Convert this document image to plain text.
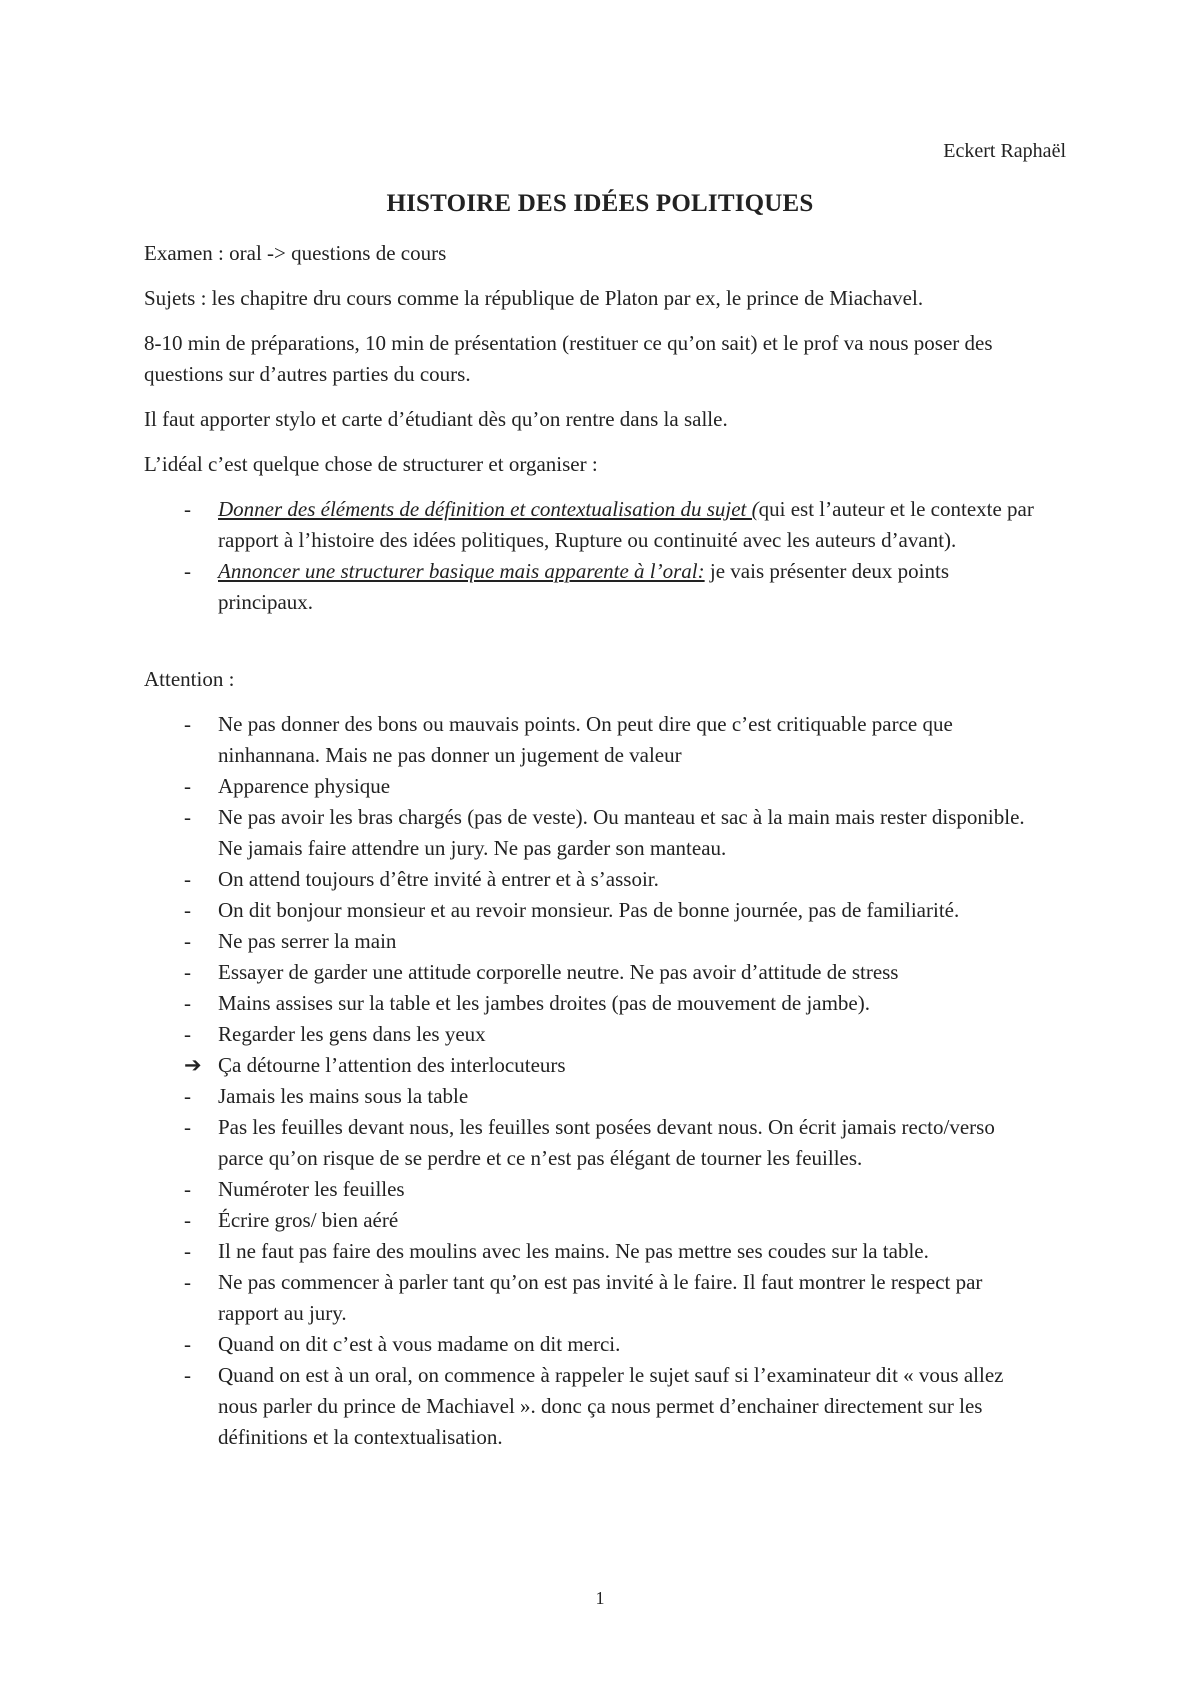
Eckert Raphaël
HISTOIRE DES IDÉES POLITIQUES

Examen : oral -> questions de cours

Sujets : les chapitre dru cours comme la république de Platon par ex, le prince de Miachavel.

8-10 min de préparations, 10 min de présentation (restituer ce qu’on sait) et le prof va nous poser des questions sur d’autres parties du cours.

Il faut apporter stylo et carte d’étudiant dès qu’on rentre dans la salle.

L’idéal c’est quelque chose de structurer et organiser :

-	Donner des éléments de définition et contextualisation du sujet (qui est l’auteur et le contexte par rapport à l’histoire des idées politiques, Rupture ou continuité avec les auteurs d’avant).
-	Annoncer une structurer basique mais apparente à l’oral: je vais présenter deux points principaux.

Attention :

-	Ne pas donner des bons ou mauvais points. On peut dire que c’est critiquable parce que ninhannana. Mais ne pas donner un jugement de valeur
-	Apparence physique
-	Ne pas avoir les bras chargés (pas de veste). Ou manteau et sac à la main mais rester disponible. Ne jamais faire attendre un jury. Ne pas garder son manteau.
-	On attend toujours d’être invité à entrer et à s’assoir.
-	On dit bonjour monsieur et au revoir monsieur. Pas de bonne journée, pas de familiarité.
-	Ne pas serrer la main
-	Essayer de garder une attitude corporelle neutre. Ne pas avoir d’attitude de stress
-	Mains assises sur la table et les jambes droites (pas de mouvement de jambe).
-	Regarder les gens dans les yeux
➔ Ça détourne l’attention des interlocuteurs
-	Jamais les mains sous la table
-	Pas les feuilles devant nous, les feuilles sont posées devant nous. On écrit jamais recto/verso parce qu’on risque de se perdre et ce n’est pas élégant de tourner les feuilles.
-	Numéroter les feuilles
-	Écrire gros/ bien aéré
-	Il ne faut pas faire des moulins avec les mains. Ne pas mettre ses coudes sur la table.
-	Ne pas commencer à parler tant qu’on est pas invité à le faire. Il faut montrer le respect par rapport au jury.
-	Quand on dit c’est à vous madame on dit merci.
-	Quand on est à un oral, on commence à rappeler le sujet sauf si l’examinateur dit « vous allez nous parler du prince de Machiavel ». donc ça nous permet d’enchainer directement sur les définitions et la contextualisation.
1
